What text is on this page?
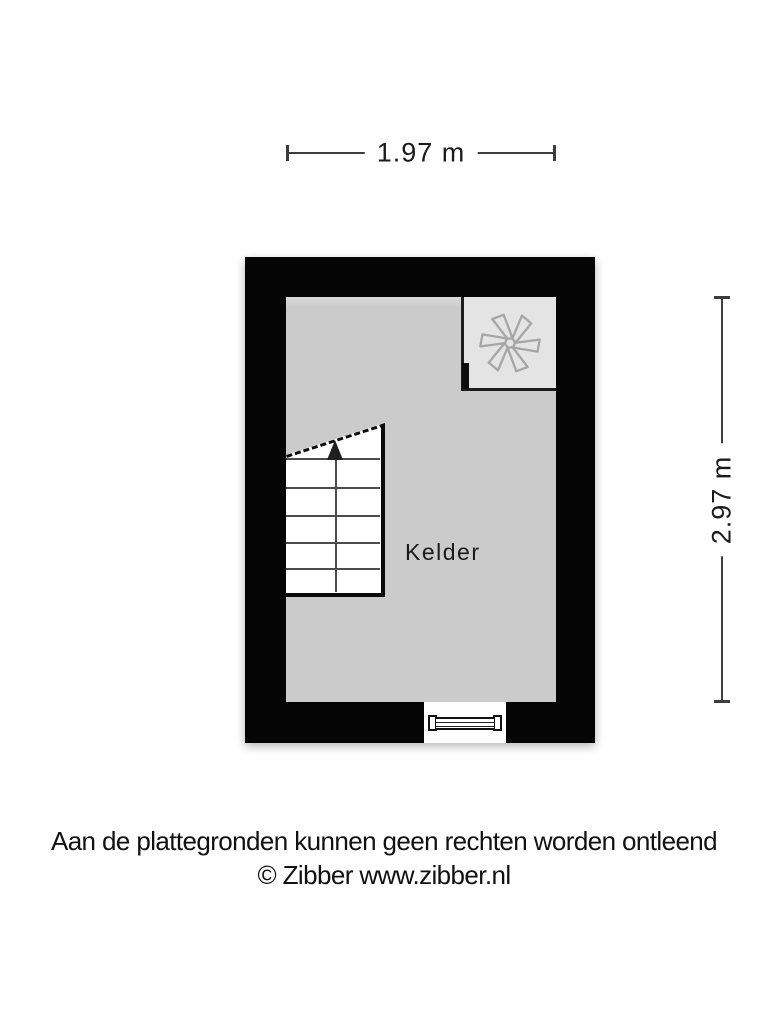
1.97 m
2.97 m
Kelder
Aan de plattegronden kunnen geen rechten worden ontleend
© Zibber www.zibber.nl
